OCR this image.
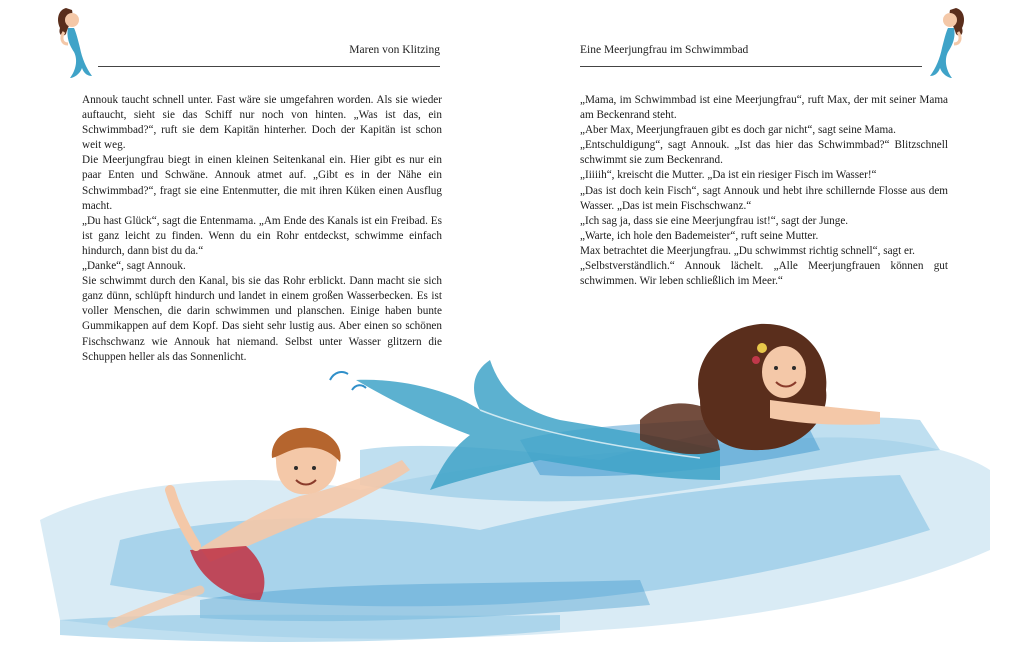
Maren von Klitzing

Annouk taucht schnell unter. Fast wäre sie umgefahren worden. Als sie wieder auftaucht, sieht sie das Schiff nur noch von hinten. „Was ist das, ein Schwimmbad?“, ruft sie dem Kapitän hinterher. Doch der Kapitän ist schon weit weg.

Die Meerjungfrau biegt in einen kleinen Seitenkanal ein. Hier gibt es nur ein paar Enten und Schwäne. Annouk atmet auf. „Gibt es in der Nähe ein Schwimmbad?“, fragt sie eine Entenmutter, die mit ihren Küken einen Ausflug macht.

„Du hast Glück“, sagt die Entenmama. „Am Ende des Kanals ist ein Freibad. Es ist ganz leicht zu finden. Wenn du ein Rohr entdeckst, schwimme einfach hindurch, dann bist du da.“

„Danke“, sagt Annouk.

Sie schwimmt durch den Kanal, bis sie das Rohr erblickt. Dann macht sie sich ganz dünn, schlüpft hindurch und landet in einem großen Wasserbecken. Es ist voller Menschen, die darin schwimmen und planschen. Einige haben bunte Gummikappen auf dem Kopf. Das sieht sehr lustig aus. Aber einen so schönen Fischschwanz wie Annouk hat niemand. Selbst unter Wasser glitzern die Schuppen heller als das Sonnenlicht.

Eine Meerjungfrau im Schwimmbad

„Mama, im Schwimmbad ist eine Meerjungfrau“, ruft Max, der mit seiner Mama am Beckenrand steht.

„Aber Max, Meerjungfrauen gibt es doch gar nicht“, sagt seine Mama.

„Entschuldigung“, sagt Annouk. „Ist das hier das Schwimmbad?“ Blitzschnell schwimmt sie zum Beckenrand.

„Iiiiih“, kreischt die Mutter. „Da ist ein riesiger Fisch im Wasser!“

„Das ist doch kein Fisch“, sagt Annouk und hebt ihre schillernde Flosse aus dem Wasser. „Das ist mein Fischschwanz.“

„Ich sag ja, dass sie eine Meerjungfrau ist!“, sagt der Junge.

„Warte, ich hole den Bademeister“, ruft seine Mutter.

Max betrachtet die Meerjungfrau. „Du schwimmst richtig schnell“, sagt er.

„Selbstverständlich.“ Annouk lächelt. „Alle Meerjungfrauen können gut schwimmen. Wir leben schließlich im Meer.“
